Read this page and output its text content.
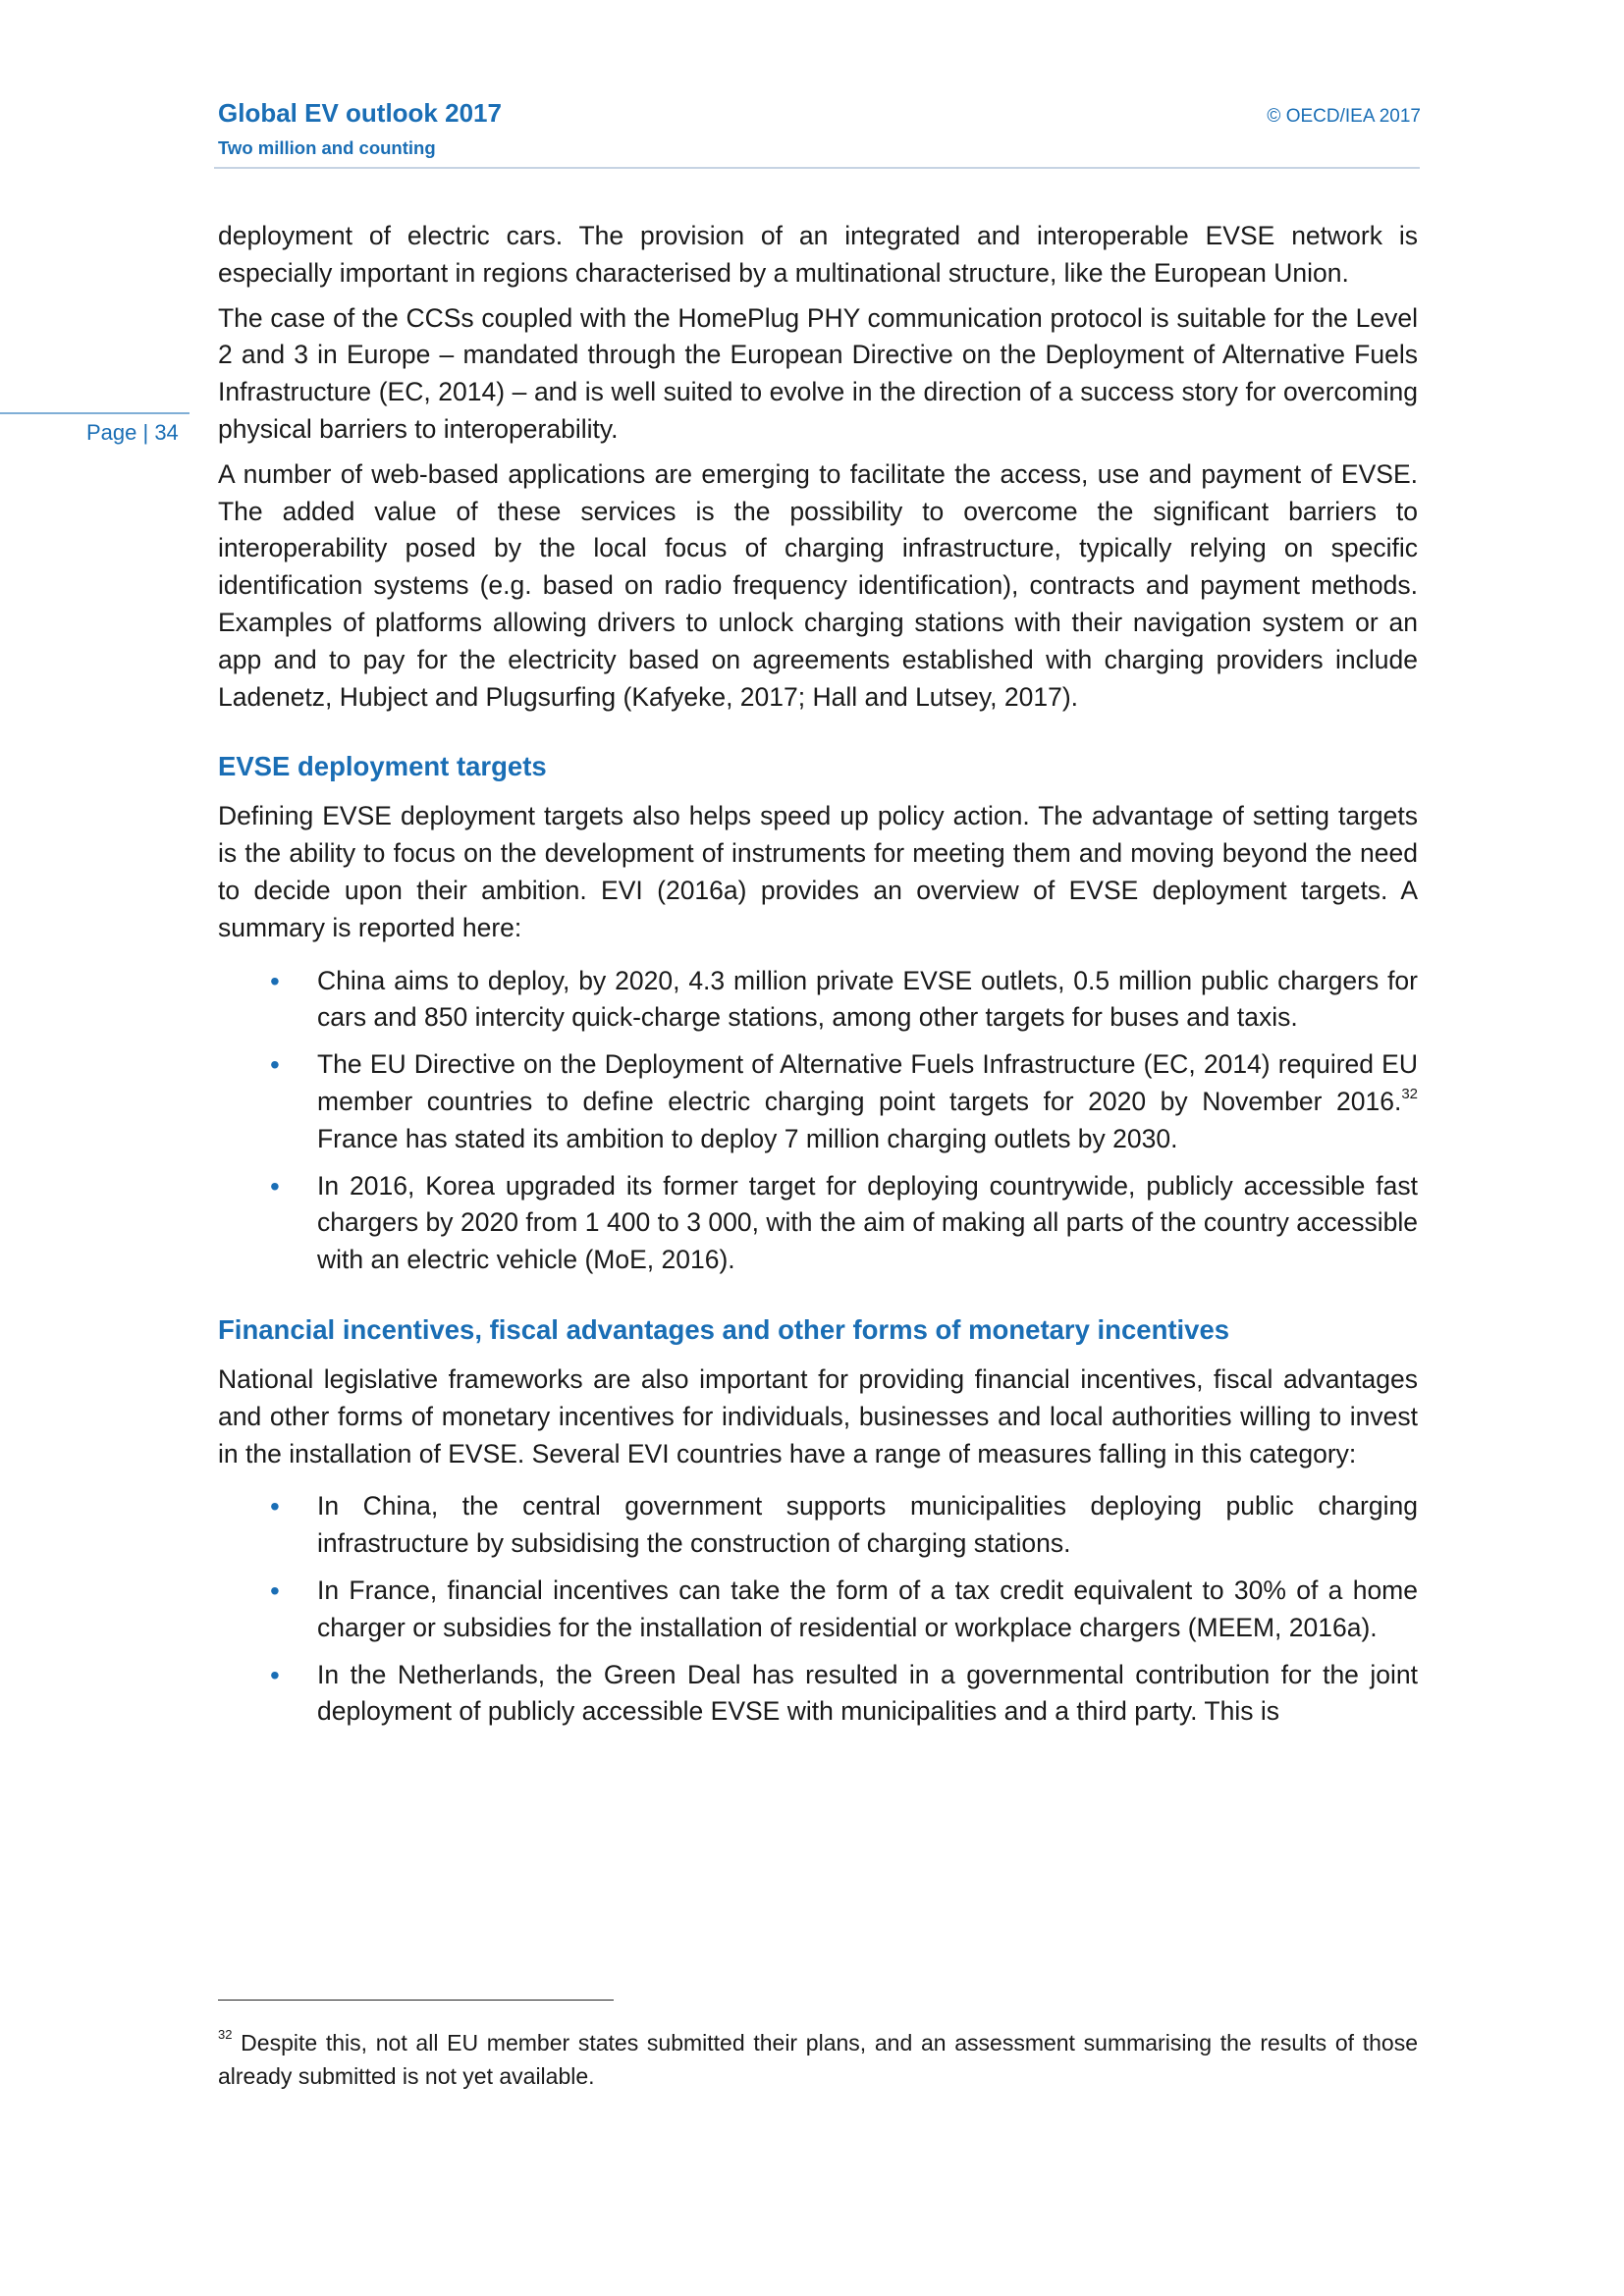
Global EV outlook 2017
Two million and counting
© OECD/IEA 2017
Page | 34

deployment of electric cars. The provision of an integrated and interoperable EVSE network is especially important in regions characterised by a multinational structure, like the European Union.

The case of the CCSs coupled with the HomePlug PHY communication protocol is suitable for the Level 2 and 3 in Europe – mandated through the European Directive on the Deployment of Alternative Fuels Infrastructure (EC, 2014) – and is well suited to evolve in the direction of a success story for overcoming physical barriers to interoperability.

A number of web-based applications are emerging to facilitate the access, use and payment of EVSE. The added value of these services is the possibility to overcome the significant barriers to interoperability posed by the local focus of charging infrastructure, typically relying on specific identification systems (e.g. based on radio frequency identification), contracts and payment methods. Examples of platforms allowing drivers to unlock charging stations with their navigation system or an app and to pay for the electricity based on agreements established with charging providers include Ladenetz, Hubject and Plugsurfing (Kafyeke, 2017; Hall and Lutsey, 2017).

EVSE deployment targets

Defining EVSE deployment targets also helps speed up policy action. The advantage of setting targets is the ability to focus on the development of instruments for meeting them and moving beyond the need to decide upon their ambition. EVI (2016a) provides an overview of EVSE deployment targets. A summary is reported here:

• China aims to deploy, by 2020, 4.3 million private EVSE outlets, 0.5 million public chargers for cars and 850 intercity quick-charge stations, among other targets for buses and taxis.
• The EU Directive on the Deployment of Alternative Fuels Infrastructure (EC, 2014) required EU member countries to define electric charging point targets for 2020 by November 2016.32 France has stated its ambition to deploy 7 million charging outlets by 2030.
• In 2016, Korea upgraded its former target for deploying countrywide, publicly accessible fast chargers by 2020 from 1 400 to 3 000, with the aim of making all parts of the country accessible with an electric vehicle (MoE, 2016).
Financial incentives, fiscal advantages and other forms of monetary incentives

National legislative frameworks are also important for providing financial incentives, fiscal advantages and other forms of monetary incentives for individuals, businesses and local authorities willing to invest in the installation of EVSE. Several EVI countries have a range of measures falling in this category:

• In China, the central government supports municipalities deploying public charging infrastructure by subsidising the construction of charging stations.
• In France, financial incentives can take the form of a tax credit equivalent to 30% of a home charger or subsidies for the installation of residential or workplace chargers (MEEM, 2016a).
• In the Netherlands, the Green Deal has resulted in a governmental contribution for the joint deployment of publicly accessible EVSE with municipalities and a third party. This is
$^{32}$ Despite this, not all EU member states submitted their plans, and an assessment summarising the results of those already submitted is not yet available.
